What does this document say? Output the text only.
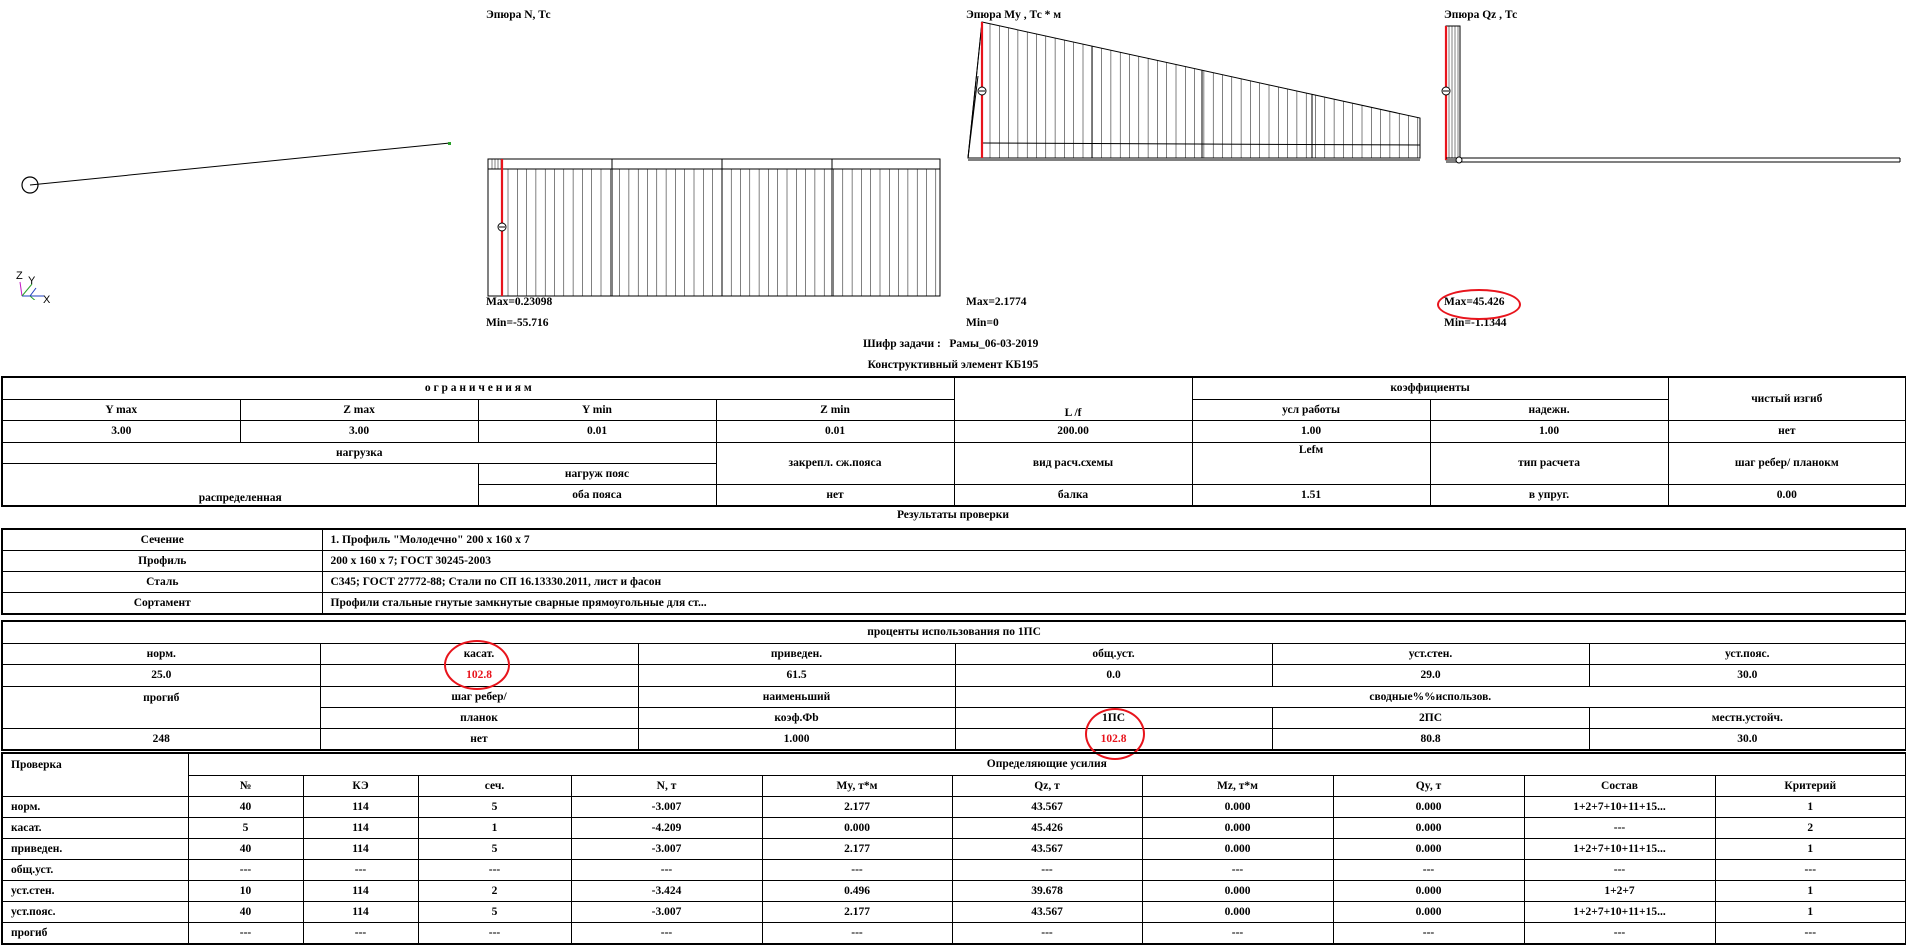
Z Y
X
Эпюра N, Тс
Max=0.23098
Min=-55.716
Эпюра My , Тс * м
Max=2.1774
Min=0
Эпюра Qz , Тс
Max=45.426
Min=-1.1344
Шифр задачи : Рамы_06-03-2019
Конструктивный элемент КБ195
о г р а н и ч е н и я м				L /f	коэффициенты		чистый изгиб
Y max	Z max	Y min	Z min		усл работы	надежн.	
3.00	3.00	0.01	0.01	200.00	1.00	1.00	нет
нагрузка			закрепл. сж.пояса	вид расч.схемы	Lefм	тип расчета	шаг ребер/ планокм
распределенная		нагруж пояс					
		оба пояса	нет	балка	1.51	в упруг.	0.00
Результаты проверки
Сечение	1. Профиль "Молодечно" 200 x 160 x 7
Профиль	200 x 160 x 7; ГОСТ 30245-2003
Сталь	С345; ГОСТ 27772-88; Стали по СП 16.13330.2011, лист и фасон
Сортамент	Профили стальные гнутые замкнутые сварные прямоугольные для ст...
проценты использования по 1ПС					
норм.	касат.	приведен.	общ.уст.	уст.стен.	уст.пояс.
25.0	102.8	61.5	0.0	29.0	30.0
прогиб	шаг ребер/	наименьший	сводные%%использов.		
	планок	коэф.Фb	1ПС	2ПС	местн.устойч.
248	нет	1.000	102.8	80.8	30.0
Проверка	Определяющие усилия									
	№	КЭ	сеч.	N, т	My, т*м	Qz, т	Mz, т*м	Qy, т	Состав	Критерий
норм.	40	114	5	-3.007	2.177	43.567	0.000	0.000	1+2+7+10+11+15...	1
касат.	5	114	1	-4.209	0.000	45.426	0.000	0.000	---	2
приведен.	40	114	5	-3.007	2.177	43.567	0.000	0.000	1+2+7+10+11+15...	1
общ.уст.	---	---	---	---	---	---	---	---	---	---
уст.стен.	10	114	2	-3.424	0.496	39.678	0.000	0.000	1+2+7	1
уст.пояс.	40	114	5	-3.007	2.177	43.567	0.000	0.000	1+2+7+10+11+15...	1
прогиб	---	---	---	---	---	---	---	---	---	---
